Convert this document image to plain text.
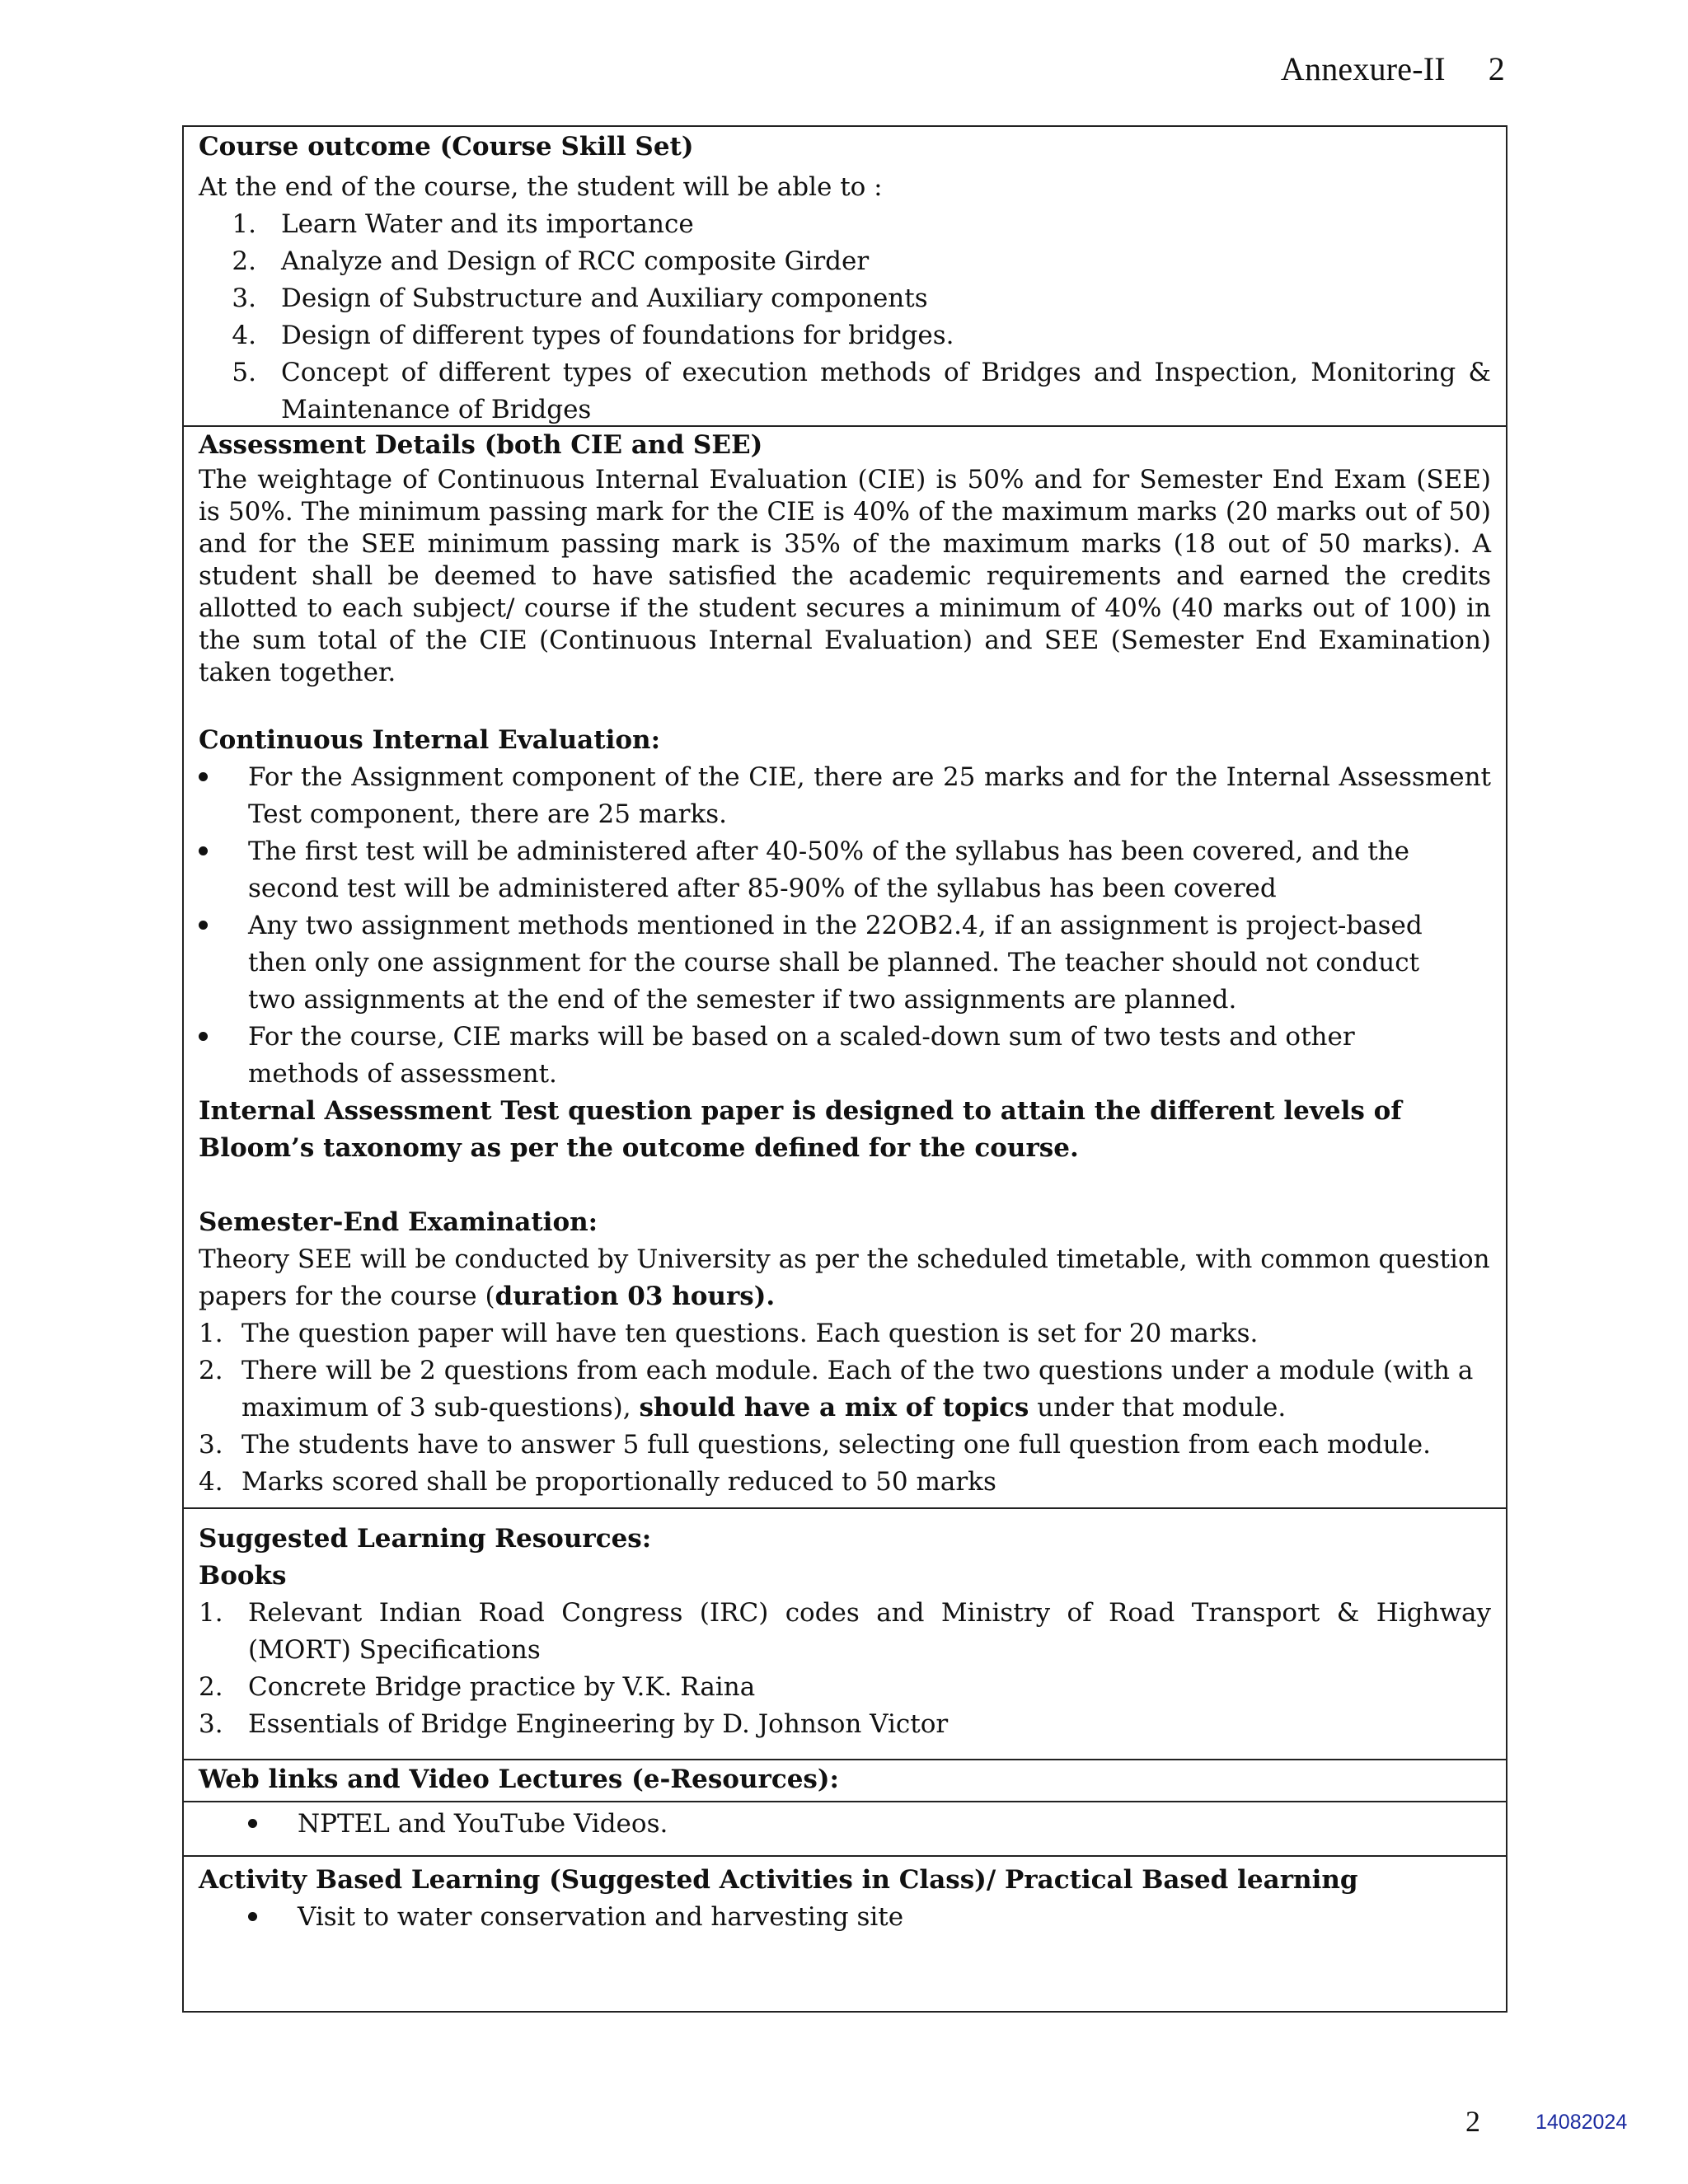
Annexure-II 2
Course outcome (Course Skill Set)
At the end of the course, the student will be able to :
1. Learn Water and its importance
2. Analyze and Design of RCC composite Girder
3. Design of Substructure and Auxiliary components
4. Design of different types of foundations for bridges.
5. Concept of different types of execution methods of Bridges and Inspection, Monitoring & Maintenance of Bridges
Assessment Details (both CIE and SEE)
The weightage of Continuous Internal Evaluation (CIE) is 50% and for Semester End Exam (SEE) is 50%. The minimum passing mark for the CIE is 40% of the maximum marks (20 marks out of 50) and for the SEE minimum passing mark is 35% of the maximum marks (18 out of 50 marks). A student shall be deemed to have satisfied the academic requirements and earned the credits allotted to each subject/ course if the student secures a minimum of 40% (40 marks out of 100) in the sum total of the CIE (Continuous Internal Evaluation) and SEE (Semester End Examination) taken together.
Continuous Internal Evaluation:
For the Assignment component of the CIE, there are 25 marks and for the Internal Assessment Test component, there are 25 marks.
The first test will be administered after 40-50% of the syllabus has been covered, and the second test will be administered after 85-90% of the syllabus has been covered
Any two assignment methods mentioned in the 22OB2.4, if an assignment is project-based then only one assignment for the course shall be planned. The teacher should not conduct two assignments at the end of the semester if two assignments are planned.
For the course, CIE marks will be based on a scaled-down sum of two tests and other methods of assessment.
Internal Assessment Test question paper is designed to attain the different levels of Bloom’s taxonomy as per the outcome defined for the course.
Semester-End Examination:
Theory SEE will be conducted by University as per the scheduled timetable, with common question papers for the course (duration 03 hours).
1. The question paper will have ten questions. Each question is set for 20 marks.
2. There will be 2 questions from each module. Each of the two questions under a module (with a maximum of 3 sub-questions), should have a mix of topics under that module.
3. The students have to answer 5 full questions, selecting one full question from each module.
4. Marks scored shall be proportionally reduced to 50 marks
Suggested Learning Resources:
Books
1. Relevant Indian Road Congress (IRC) codes and Ministry of Road Transport & Highway (MORT) Specifications
2. Concrete Bridge practice by V.K. Raina
3. Essentials of Bridge Engineering by D. Johnson Victor
Web links and Video Lectures (e-Resources):
NPTEL and YouTube Videos.
Activity Based Learning (Suggested Activities in Class)/ Practical Based learning
Visit to water conservation and harvesting site
2	14082024
